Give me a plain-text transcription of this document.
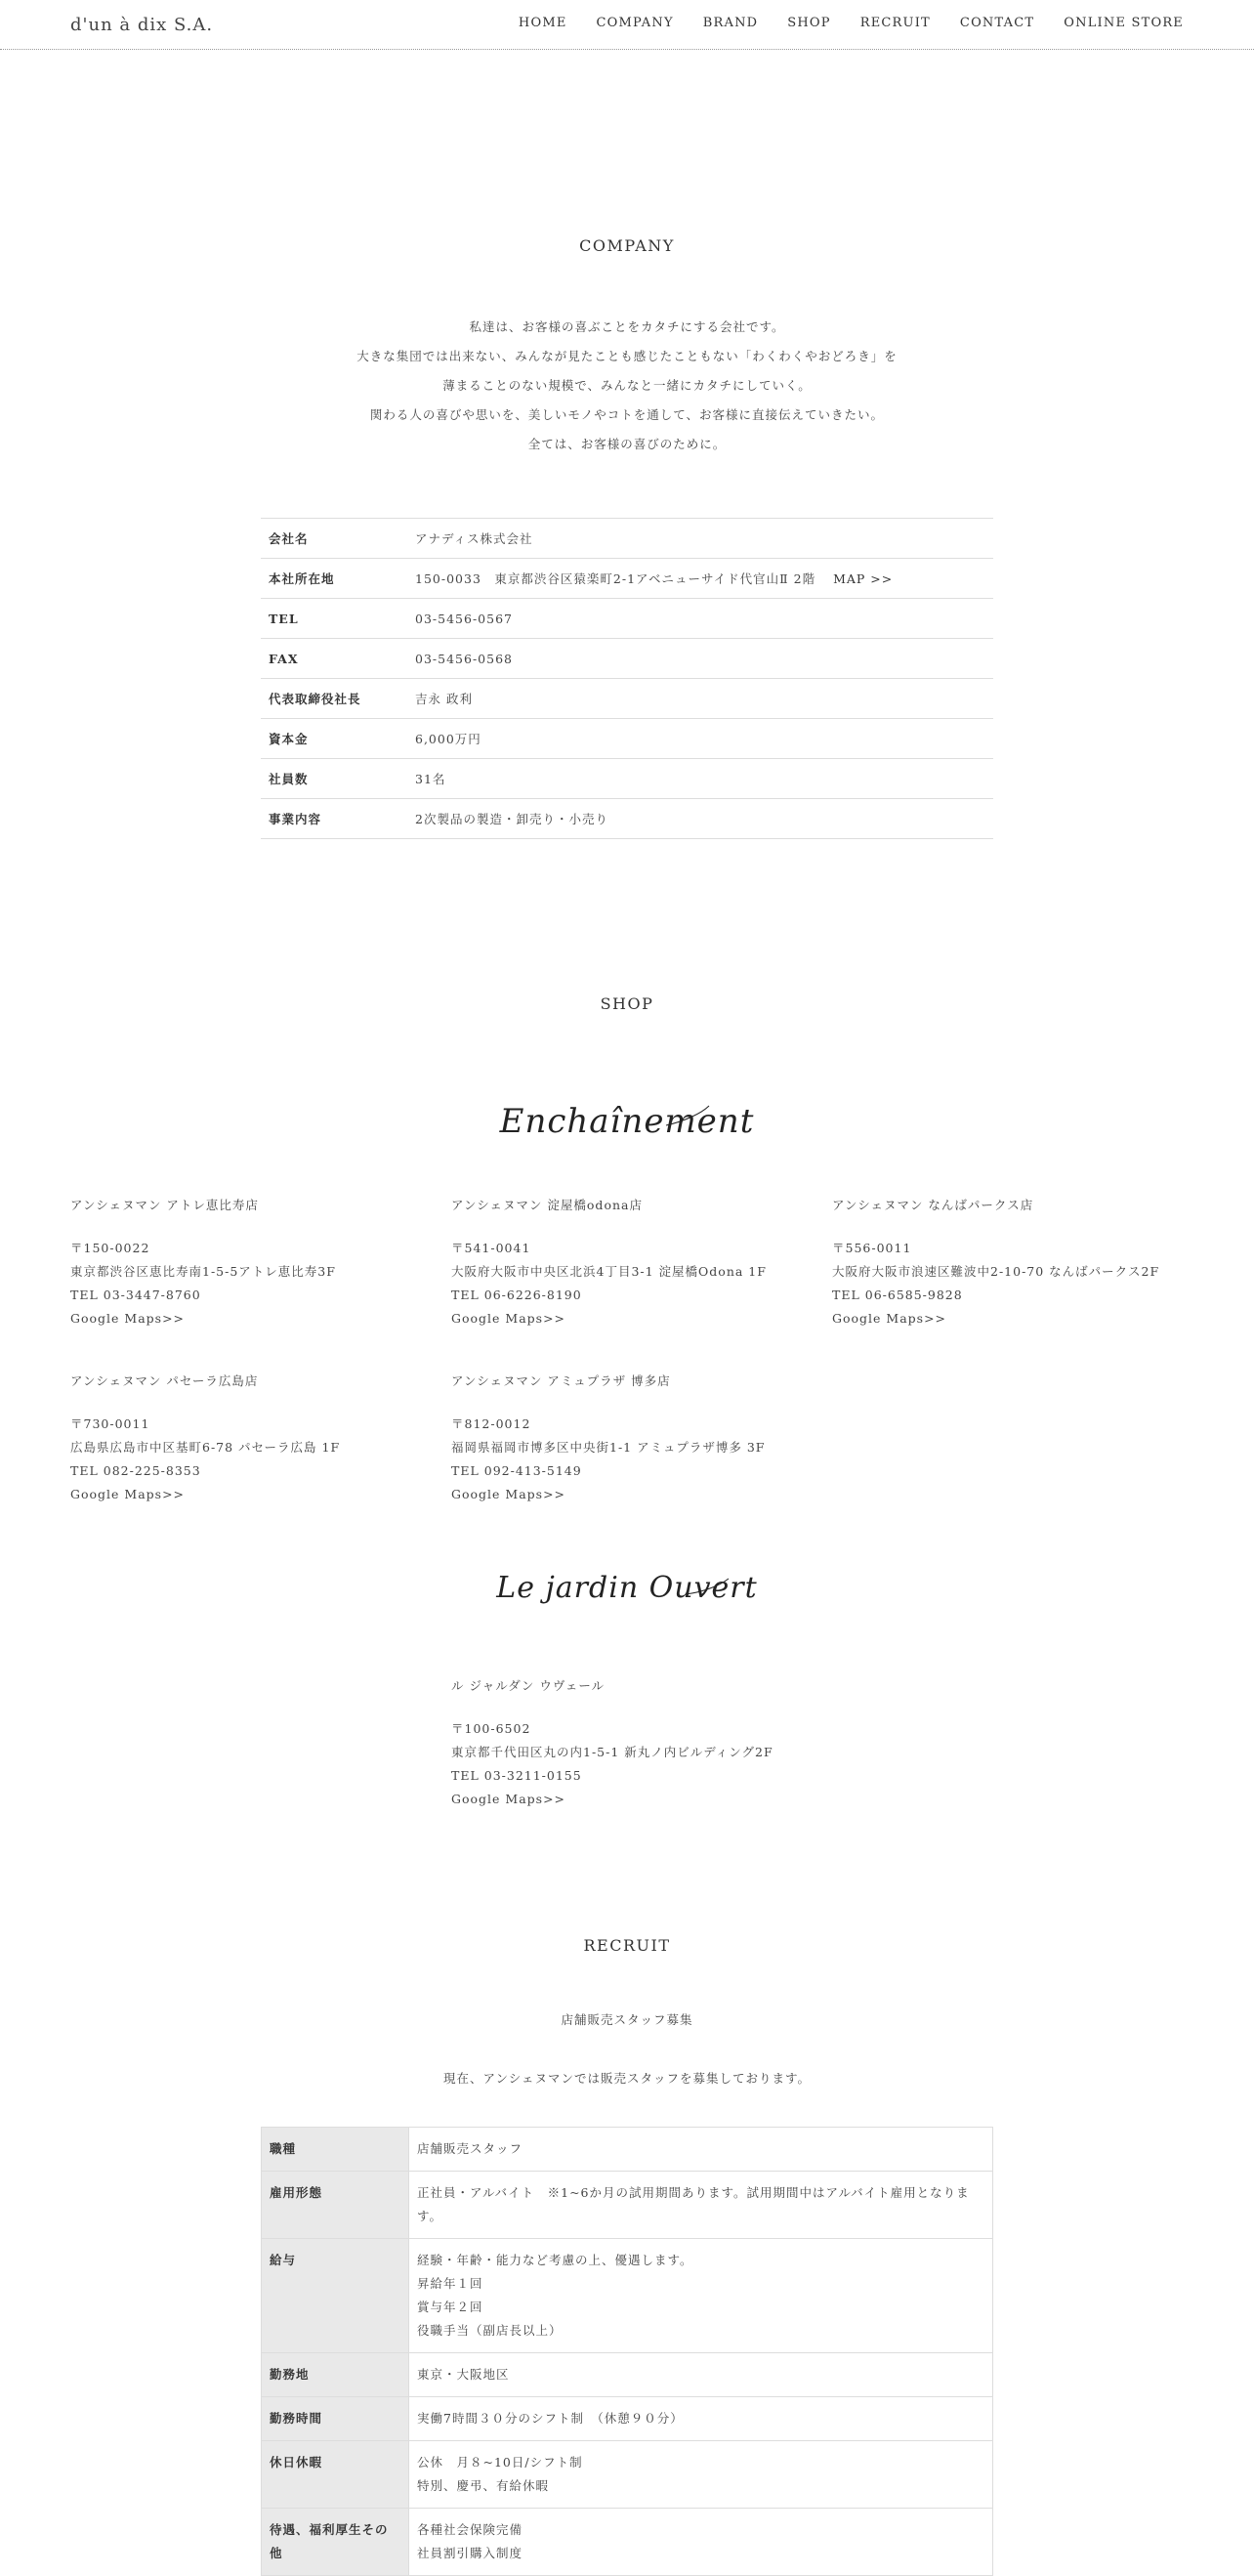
d'un à dix S.A.	HOME COMPANY BRAND SHOP RECRUIT CONTACT ONLINE STORE
COMPANY
私達は、お客様の喜ぶことをカタチにする会社です。
大きな集団では出来ない、みんなが見たことも感じたこともない「わくわくやおどろき」を
薄まることのない規模で、みんなと一緒にカタチにしていく。
関わる人の喜びや思いを、美しいモノやコトを通して、お客様に直接伝えていきたい。
全ては、お客様の喜びのために。
会社名	アナディス株式会社
本社所在地	150-0033　東京都渋谷区猿楽町2-1アベニューサイド代官山Ⅱ 2階 MAP >>
TEL	03-5456-0567
FAX	03-5456-0568
代表取締役社長	吉永 政利
資本金	6,000万円
社員数	31名
事業内容	2次製品の製造・卸売り・小売り
SHOP
Enchaînement
アンシェヌマン アトレ恵比寿店
〒150-0022
東京都渋谷区恵比寿南1-5-5アトレ恵比寿3F
TEL 03-3447-8760
Google Maps>>
アンシェヌマン 淀屋橋odona店
〒541-0041
大阪府大阪市中央区北浜4丁目3-1 淀屋橋Odona 1F
TEL 06-6226-8190
Google Maps>>
アンシェヌマン なんばパークス店
〒556-0011
大阪府大阪市浪速区難波中2-10-70 なんばパークス2F
TEL 06-6585-9828
Google Maps>>
アンシェヌマン パセーラ広島店
〒730-0011
広島県広島市中区基町6-78 パセーラ広島 1F
TEL 082-225-8353
Google Maps>>
アンシェヌマン アミュプラザ 博多店
〒812-0012
福岡県福岡市博多区中央街1-1 アミュプラザ博多 3F
TEL 092-413-5149
Google Maps>>
Le jardin Ouvert
ル ジャルダン ウヴェール
〒100-6502
東京都千代田区丸の内1-5-1 新丸ノ内ビルディング2F
TEL 03-3211-0155
Google Maps>>
RECRUIT
店舗販売スタッフ募集
現在、アンシェヌマンでは販売スタッフを募集しております。
職種	店舗販売スタッフ

雇用形態	正社員・アルバイト　※1~6か月の試用期間あります。試用期間中はアルバイト雇用となります。

給与	経験・年齢・能力など考慮の上、優遇します。
昇給年１回
賞与年２回
役職手当（副店長以上）

勤務地	東京・大阪地区

勤務時間	実働7時間３０分のシフト制　（休憩９０分）

休日休暇	公休　月８~10日/シフト制
特別、慶弔、有給休暇

待遇、福利厚生その他	各種社会保険完備
社員割引購入制度
